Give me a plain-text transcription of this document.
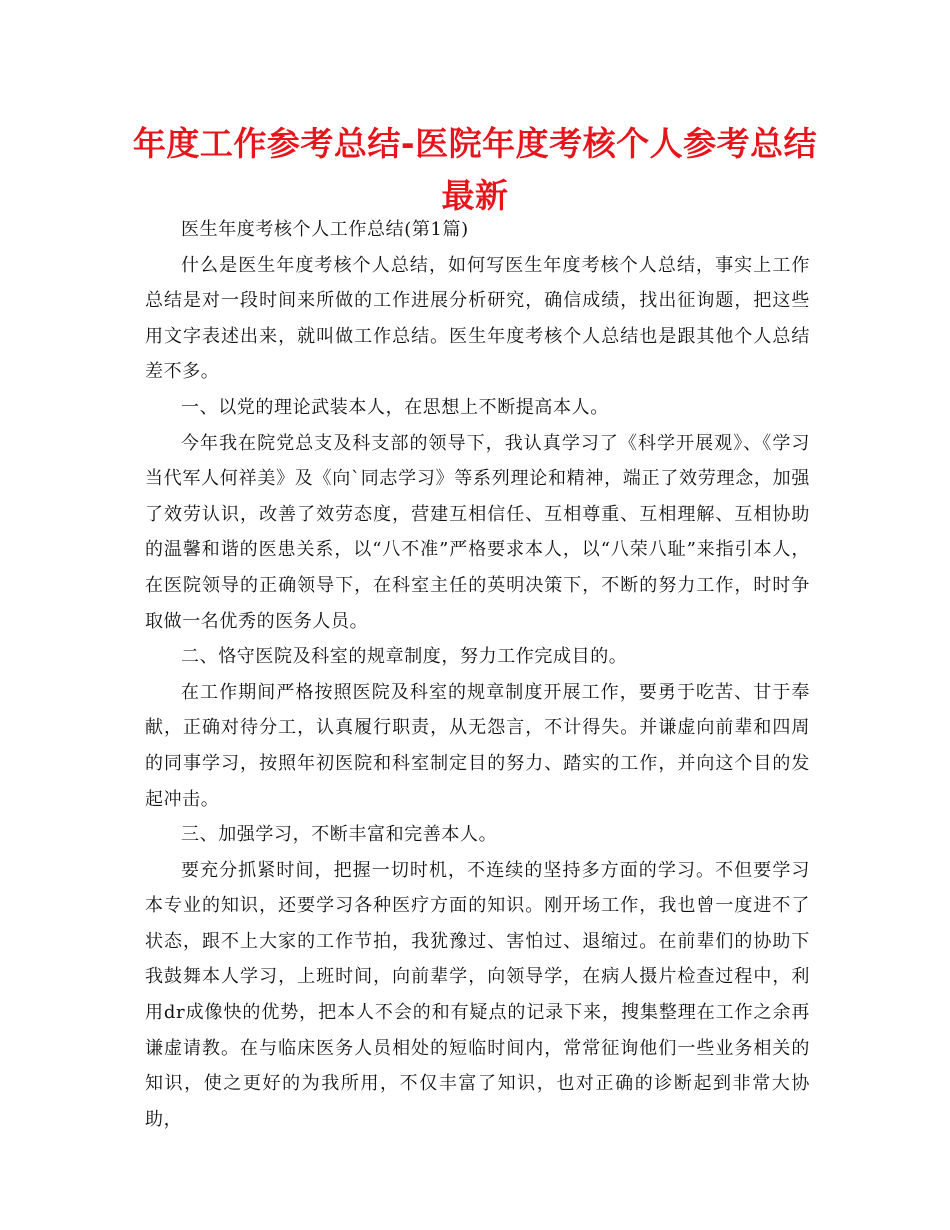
年度工作参考总结-医院年度考核个人参考总结最新

医生年度考核个人工作总结(第1篇)

什么是医生年度考核个人总结，如何写医生年度考核个人总结，事实上工作总结是对一段时间来所做的工作进展分析研究，确信成绩，找出征询题，把这些用文字表述出来，就叫做工作总结。医生年度考核个人总结也是跟其他个人总结差不多。

一、以党的理论武装本人，在思想上不断提高本人。

今年我在院党总支及科支部的领导下，我认真学习了《科学开展观》、《学习当代军人何祥美》及《向`同志学习》等系列理论和精神，端正了效劳理念，加强了效劳认识，改善了效劳态度，营建互相信任、互相尊重、互相理解、互相协助的温馨和谐的医患关系，以“八不准”严格要求本人，以“八荣八耻”来指引本人，在医院领导的正确领导下，在科室主任的英明决策下，不断的努力工作，时时争取做一名优秀的医务人员。

二、恪守医院及科室的规章制度，努力工作完成目的。

在工作期间严格按照医院及科室的规章制度开展工作，要勇于吃苦、甘于奉献，正确对待分工，认真履行职责，从无怨言，不计得失。并谦虚向前辈和四周的同事学习，按照年初医院和科室制定目的努力、踏实的工作，并向这个目的发起冲击。

三、加强学习，不断丰富和完善本人。

要充分抓紧时间，把握一切时机，不连续的坚持多方面的学习。不但要学习本专业的知识，还要学习各种医疗方面的知识。刚开场工作，我也曾一度进不了状态，跟不上大家的工作节拍，我犹豫过、害怕过、退缩过。在前辈们的协助下我鼓舞本人学习，上班时间，向前辈学，向领导学，在病人摄片检查过程中，利用dr成像快的优势，把本人不会的和有疑点的记录下来，搜集整理在工作之余再谦虚请教。在与临床医务人员相处的短临时间内，常常征询他们一些业务相关的知识，使之更好的为我所用，不仅丰富了知识，也对正确的诊断起到非常大协助，
